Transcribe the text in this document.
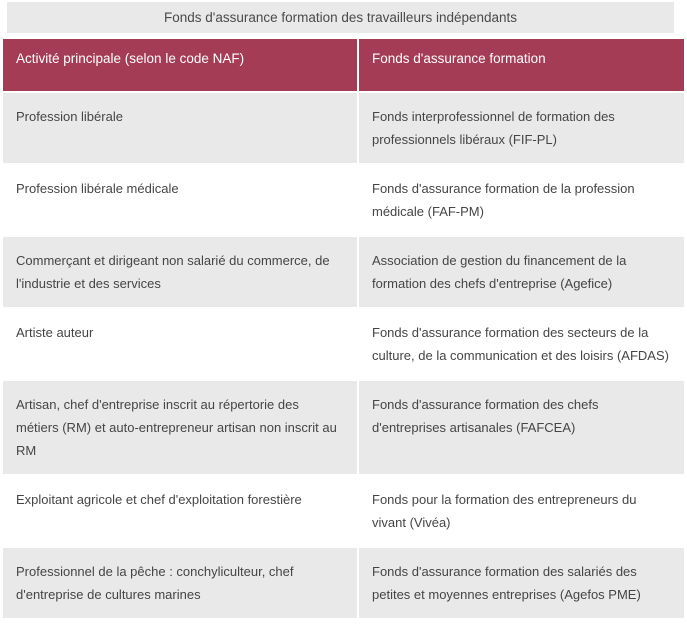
Fonds d'assurance formation des travailleurs indépendants
Activité principale (selon le code NAF)	Fonds d'assurance formation
Profession libérale	Fonds interprofessionnel de formation des professionnels libéraux (FIF-PL)
Profession libérale médicale	Fonds d'assurance formation de la profession médicale (FAF-PM)
Commerçant et dirigeant non salarié du commerce, de l'industrie et des services	Association de gestion du financement de la formation des chefs d'entreprise (Agefice)
Artiste auteur	Fonds d'assurance formation des secteurs de la culture, de la communication et des loisirs (AFDAS)
Artisan, chef d'entreprise inscrit au répertorie des métiers (RM) et auto-entrepreneur artisan non inscrit au RM	Fonds d'assurance formation des chefs d'entreprises artisanales (FAFCEA)
Exploitant agricole et chef d'exploitation forestière	Fonds pour la formation des entrepreneurs du vivant (Vivéa)
Professionnel de la pêche : conchyliculteur, chef d'entreprise de cultures marines	Fonds d'assurance formation des salariés des petites et moyennes entreprises (Agefos PME)
